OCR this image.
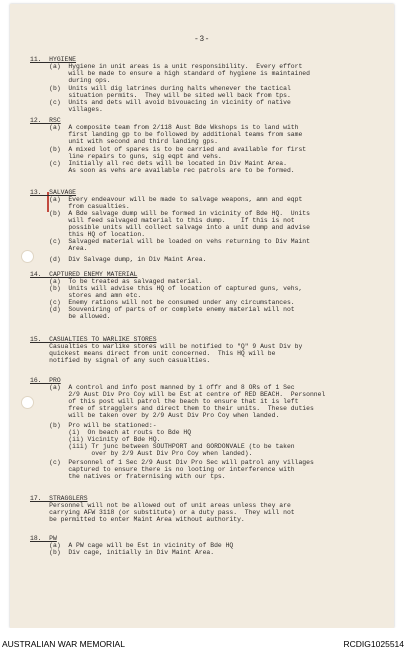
-3-
11.  HYGIENE
(a)  Hygiene in unit areas is a unit responsibility.  Every effort
will be made to ensure a high standard of hygiene is maintained
during ops.
(b)  Units will dig latrines during halts whenever the tactical
situation permits.  They will be sited well back from tps.
(c)  Units and dets will avoid bivouacing in vicinity of native
villages.
12.  RSC
(a)  A composite team from 2/118 Aust Bde Wkshops is to land with
first landing gp to be followed by additional teams from same
unit with second and third landing gps.
(b)  A mixed lot of spares is to be carried and available for first
line repairs to guns, sig eqpt and vehs.
(c)  Initially all rec dets will be located in Div Maint Area.
As soon as vehs are available rec patrols are to be formed.
13.  SALVAGE
(a)  Every endeavour will be made to salvage weapons, amn and eqpt
from casualties.
(b)  A Bde salvage dump will be formed in vicinity of Bde HQ.  Units
will feed salvaged material to this dump.    If this is not
possible units will collect salvage into a unit dump and advise
this HQ of location.
(c)  Salvaged material will be loaded on vehs returning to Div Maint
Area.
(d)  Div Salvage dump, in Div Maint Area.
14.  CAPTURED ENEMY MATERIAL
(a)  To be treated as salvaged material.
(b)  Units will advise this HQ of location of captured guns, vehs,
stores and amn etc.
(c)  Enemy rations will not be consumed under any circumstances.
(d)  Souveniring of parts of or complete enemy material will not
be allowed.
15.  CASUALTIES TO WARLIKE STORES
Casualties to warlike stores will be notified to "Q" 9 Aust Div by
quickest means direct from unit concerned.  This HQ will be
notified by signal of any such casualties.
16.  PRO
(a)  A control and info post manned by 1 offr and 8 ORs of 1 Sec
2/9 Aust Div Pro Coy will be Est at centre of RED BEACH.  Personnel
of this post will patrol the beach to ensure that it is left
free of stragglers and direct them to their units.  These duties
will be taken over by 2/9 Aust Div Pro Coy when landed.
(b)  Pro will be stationed:-
(i)  On beach at routs to Bde HQ
(ii) Vicinity of Bde HQ.
(iii) Tr junc between SOUTHPORT and GORDONVALE (to be taken
over by 2/9 Aust Div Pro Coy when landed).
(c)  Personnel of 1 Sec 2/9 Aust Div Pro Sec will patrol any villages
captured to ensure there is no looting or interference with
the natives or fraternising with our tps.
17.  STRAGGLERS
Personnel will not be allowed out of unit areas unless they are
carrying AFW 3118 (or substitute) or a duty pass.  They will not
be permitted to enter Maint Area without authority.
18.  PW
(a)  A PW cage will be Est in vicinity of Bde HQ
(b)  Div cage, initially in Div Maint Area.
AUSTRALIAN WAR MEMORIAL	RCDIG1025514
